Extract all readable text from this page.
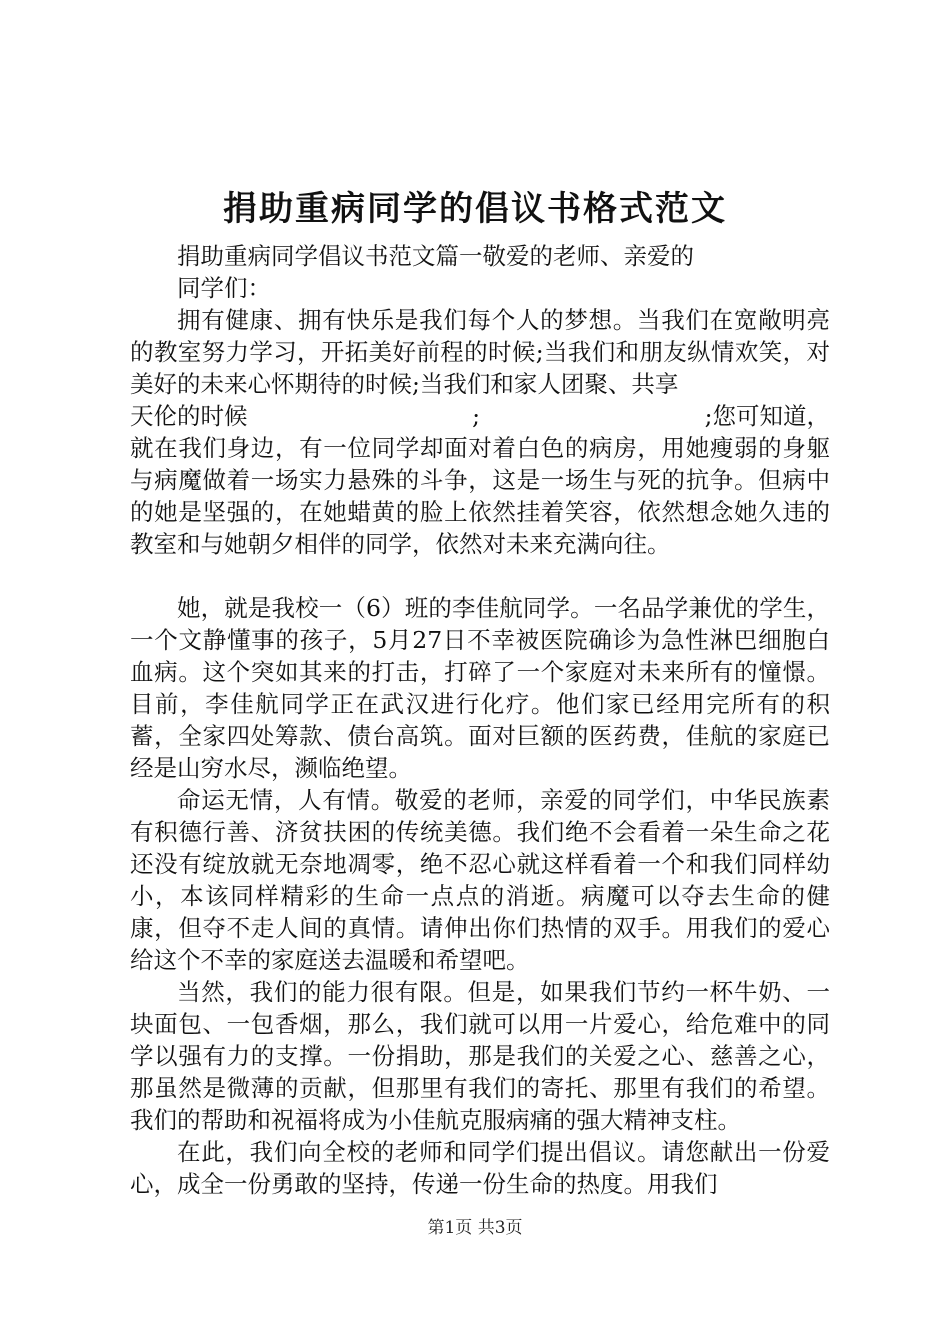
捐助重病同学的倡议书格式范文

捐助重病同学倡议书范文篇一敬爱的老师、亲爱的

同学们：

拥有健康、拥有快乐是我们每个人的梦想。当我们在宽敞明亮的教室努力学习，开拓美好前程的时候;当我们和朋友纵情欢笑，对美好的未来心怀期待的时候;当我们和家人团聚、共享

天伦的时候	;	;您可知道，

就在我们身边，有一位同学却面对着白色的病房，用她瘦弱的身躯与病魔做着一场实力悬殊的斗争，这是一场生与死的抗争。但病中的她是坚强的，在她蜡黄的脸上依然挂着笑容，依然想念她久违的教室和与她朝夕相伴的同学，依然对未来充满向往。

她，就是我校一（6）班的李佳航同学。一名品学兼优的学生，一个文静懂事的孩子，5月27日不幸被医院确诊为急性淋巴细胞白血病。这个突如其来的打击，打碎了一个家庭对未来所有的憧憬。目前，李佳航同学正在武汉进行化疗。他们家已经用完所有的积蓄，全家四处筹款、债台高筑。面对巨额的医药费，佳航的家庭已经是山穷水尽，濒临绝望。

命运无情，人有情。敬爱的老师，亲爱的同学们，中华民族素有积德行善、济贫扶困的传统美德。我们绝不会看着一朵生命之花还没有绽放就无奈地凋零，绝不忍心就这样看着一个和我们同样幼小，本该同样精彩的生命一点点的消逝。病魔可以夺去生命的健康，但夺不走人间的真情。请伸出你们热情的双手。用我们的爱心给这个不幸的家庭送去温暖和希望吧。

当然，我们的能力很有限。但是，如果我们节约一杯牛奶、一块面包、一包香烟，那么，我们就可以用一片爱心，给危难中的同学以强有力的支撑。一份捐助，那是我们的关爱之心、慈善之心，那虽然是微薄的贡献，但那里有我们的寄托、那里有我们的希望。我们的帮助和祝福将成为小佳航克服病痛的强大精神支柱。

在此，我们向全校的老师和同学们提出倡议。请您献出一份爱心，成全一份勇敢的坚持，传递一份生命的热度。用我们

第1页 共3页
